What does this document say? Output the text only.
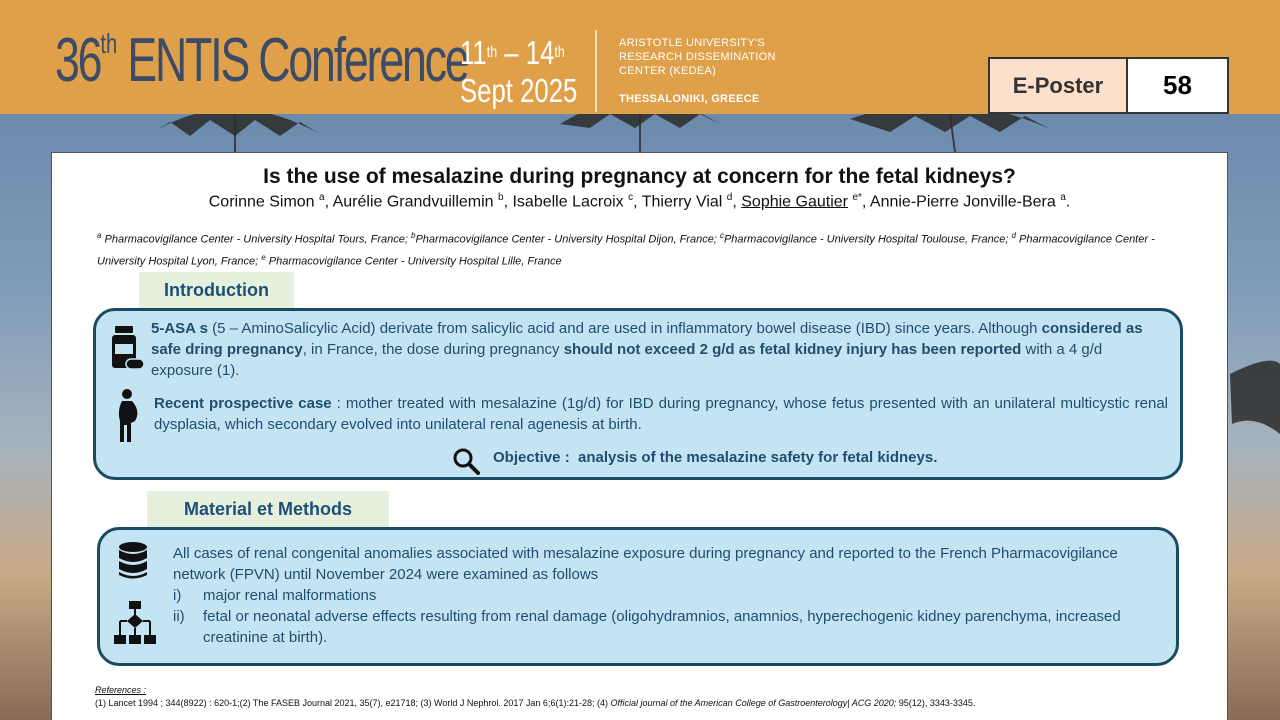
36th ENTIS Conference
11th – 14th
Sept 2025
ARISTOTLE UNIVERSITY'S
RESEARCH DISSEMINATION
CENTER (KEDEA)
THESSALONIKI, GREECE
E-Poster	58
Is the use of mesalazine during pregnancy at concern for the fetal kidneys?
Corinne Simon $^a$, Aurélie Grandvuillemin $^b$, Isabelle Lacroix $^c$, Thierry Vial $^d$, Sophie Gautier $^{e*}$, Annie-Pierre Jonville-Bera $^a$.
$^a$ Pharmacovigilance Center - University Hospital Tours, France; $^b$Pharmacovigilance Center - University Hospital Dijon, France; $^c$Pharmacovigilance - University Hospital Toulouse, France; $^d$ Pharmacovigilance Center - University Hospital Lyon, France; $^e$ Pharmacovigilance Center - University Hospital Lille, France
Introduction
5-ASA s (5 – AminoSalicylic Acid) derivate from salicylic acid and are used in inflammatory bowel disease (IBD) since years. Although considered as safe dring pregnancy, in France, the dose during pregnancy should not exceed 2 g/d as fetal kidney injury has been reported with a 4 g/d exposure (1).
Recent prospective case : mother treated with mesalazine (1g/d) for IBD during pregnancy, whose fetus presented with an unilateral multicystic renal dysplasia, which secondary evolved into unilateral renal agenesis at birth.
Objective : analysis of the mesalazine safety for fetal kidneys.
Material et Methods
All cases of renal congenital anomalies associated with mesalazine exposure during pregnancy and reported to the French Pharmacovigilance network (FPVN) until November 2024 were examined as follows
i)	major renal malformations
ii)	fetal or neonatal adverse effects resulting from renal damage (oligohydramnios, anamnios, hyperechogenic kidney parenchyma, increased creatinine at birth).
References :
(1) Lancet 1994 ; 344(8922) : 620-1;(2) The FASEB Journal 2021, 35(7), e21718; (3) World J Nephrol. 2017 Jan 6;6(1):21-28; (4) Official journal of the American College of Gastroenterology| ACG 2020; 95(12), 3343-3345.
